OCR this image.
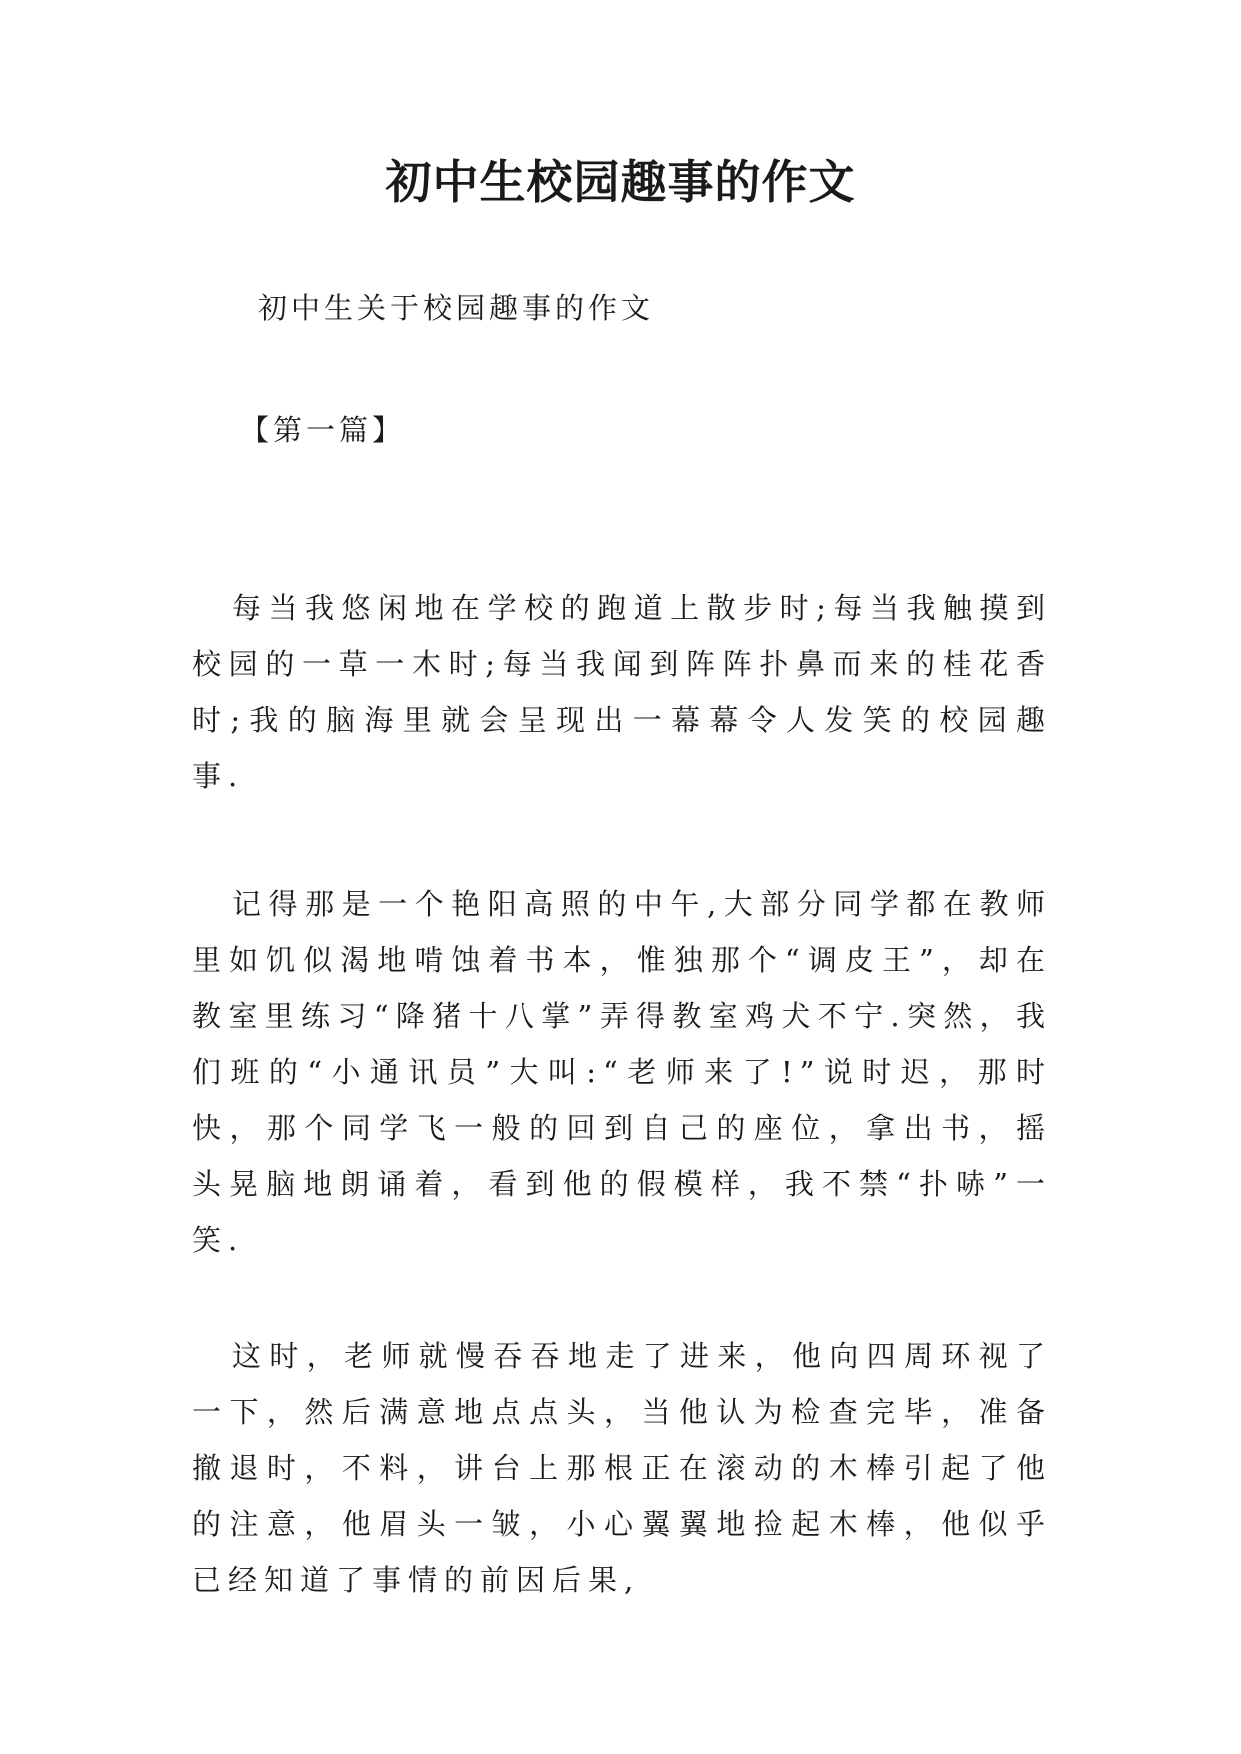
初中生校园趣事的作文
初中生关于校园趣事的作文
【第一篇】

每当我悠闲地在学校的跑道上散步时;每当我触摸到校园的一草一木时;每当我闻到阵阵扑鼻而来的桂花香时;我的脑海里就会呈现出一幕幕令人发笑的校园趣事.

记得那是一个艳阳高照的中午,大部分同学都在教师里如饥似渴地啃蚀着书本，惟独那个“调皮王”，却在教室里练习“降猪十八掌”弄得教室鸡犬不宁.突然，我们班的“小通讯员”大叫:“老师来了!”说时迟，那时快，那个同学飞一般的回到自己的座位，拿出书，摇头晃脑地朗诵着，看到他的假模样，我不禁“扑哧”一笑.

这时，老师就慢吞吞地走了进来，他向四周环视了一下，然后满意地点点头，当他认为检查完毕，准备撤退时，不料，讲台上那根正在滚动的木棒引起了他的注意，他眉头一皱，小心翼翼地捡起木棒，他似乎已经知道了事情的前因后果,
